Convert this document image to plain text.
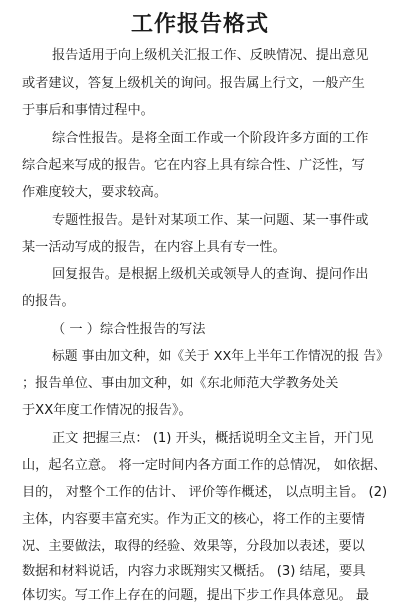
工作报告格式
报告适用于向上级机关汇报工作、反映情况、提出意见
或者建议，答复上级机关的询问。报告属上行文，一般产生
于事后和事情过程中。
综合性报告。是将全面工作或一个阶段许多方面的工作
综合起来写成的报告。它在内容上具有综合性、广泛性，写
作难度较大，要求较高。
专题性报告。是针对某项工作、某一问题、某一事件或
某一活动写成的报告，在内容上具有专一性。
回复报告。是根据上级机关或领导人的查询、提问作出
的报告。
（ 一 ）综合性报告的写法
标题 事由加文种，如《关于 XX年上半年工作情况的报 告》
；报告单位、事由加文种，如《东北师范大学教务处关
于XX年度工作情况的报告》。
正文 把握三点： (1) 开头，概括说明全文主旨，开门见
山，起名立意。 将一定时间内各方面工作的总情况， 如依据、
目的， 对整个工作的估计、 评价等作概述， 以点明主旨。 (2)
主体，内容要丰富充实。作为正文的核心，将工作的主要情
况、主要做法，取得的经验、效果等，分段加以表述，要以
数据和材料说话，内容力求既翔实又概括。 (3) 结尾，要具
体切实。写工作上存在的问题，提出下步工作具体意见。 最
